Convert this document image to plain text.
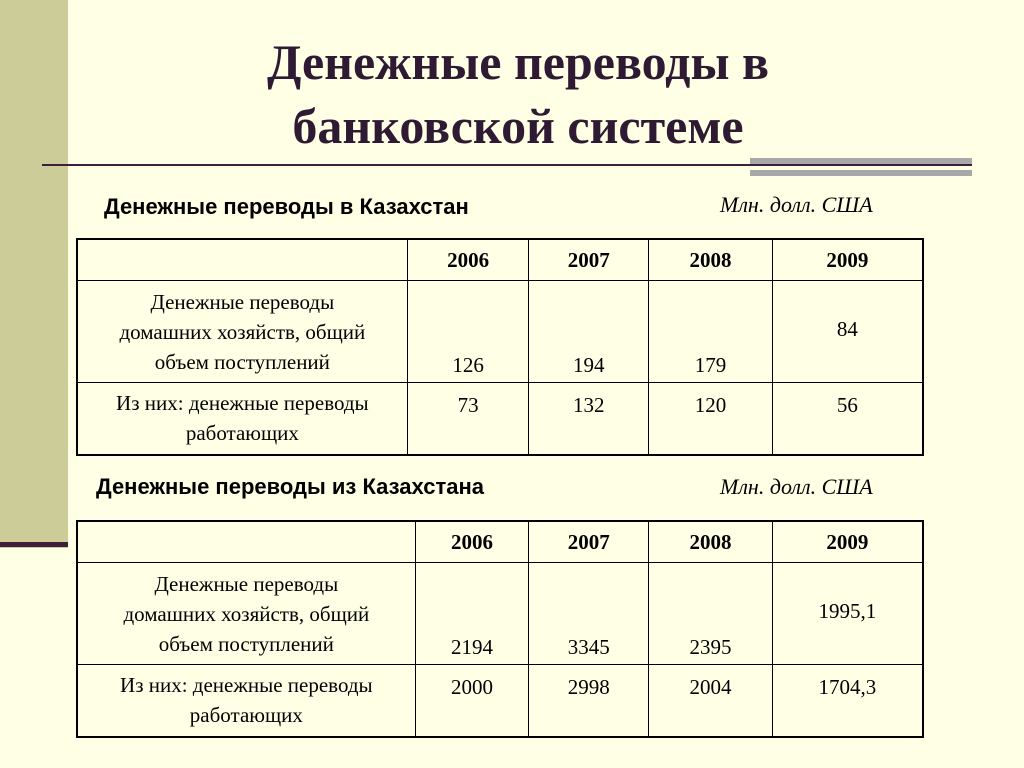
Денежные переводы в
банковской системе
Денежные переводы в Казахстан	Млн. долл. США
	2006	2007	2008	2009

Денежные переводы
домашних хозяйств, общий
объем поступлений	126	194	179	84

Из них: денежные переводы
работающих	73	132	120	56
Денежные переводы из Казахстана	Млн. долл. США
	2006	2007	2008	2009

Денежные переводы
домашних хозяйств, общий
объем поступлений	2194	3345	2395	1995,1

Из них: денежные переводы
работающих	2000	2998	2004	1704,3
